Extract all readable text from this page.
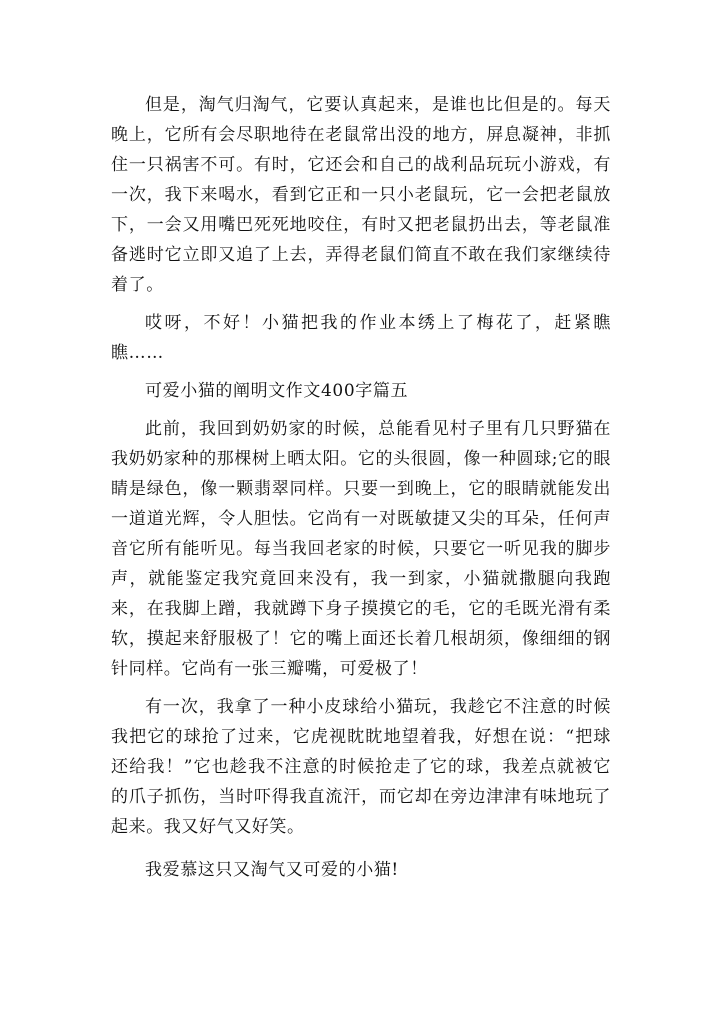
但是，淘气归淘气，它要认真起来，是谁也比但是的。每天晚上，它所有会尽职地待在老鼠常出没的地方，屏息凝神，非抓住一只祸害不可。有时，它还会和自己的战利品玩玩小游戏，有一次，我下来喝水，看到它正和一只小老鼠玩，它一会把老鼠放下，一会又用嘴巴死死地咬住，有时又把老鼠扔出去，等老鼠准备逃时它立即又追了上去，弄得老鼠们简直不敢在我们家继续待着了。

哎呀，不好！小猫把我的作业本绣上了梅花了，赶紧瞧瞧……

可爱小猫的阐明文作文400字篇五

此前，我回到奶奶家的时候，总能看见村子里有几只野猫在我奶奶家种的那棵树上晒太阳。它的头很圆，像一种圆球;它的眼睛是绿色，像一颗翡翠同样。只要一到晚上，它的眼睛就能发出一道道光辉，令人胆怯。它尚有一对既敏捷又尖的耳朵，任何声音它所有能听见。每当我回老家的时候，只要它一听见我的脚步声，就能鉴定我究竟回来没有，我一到家，小猫就撒腿向我跑来，在我脚上蹭，我就蹲下身子摸摸它的毛，它的毛既光滑有柔软，摸起来舒服极了！它的嘴上面还长着几根胡须，像细细的钢针同样。它尚有一张三瓣嘴，可爱极了！

有一次，我拿了一种小皮球给小猫玩，我趁它不注意的时候我把它的球抢了过来，它虎视眈眈地望着我，好想在说：“把球还给我！”它也趁我不注意的时候抢走了它的球，我差点就被它的爪子抓伤，当时吓得我直流汗，而它却在旁边津津有味地玩了起来。我又好气又好笑。

我爱慕这只又淘气又可爱的小猫!
